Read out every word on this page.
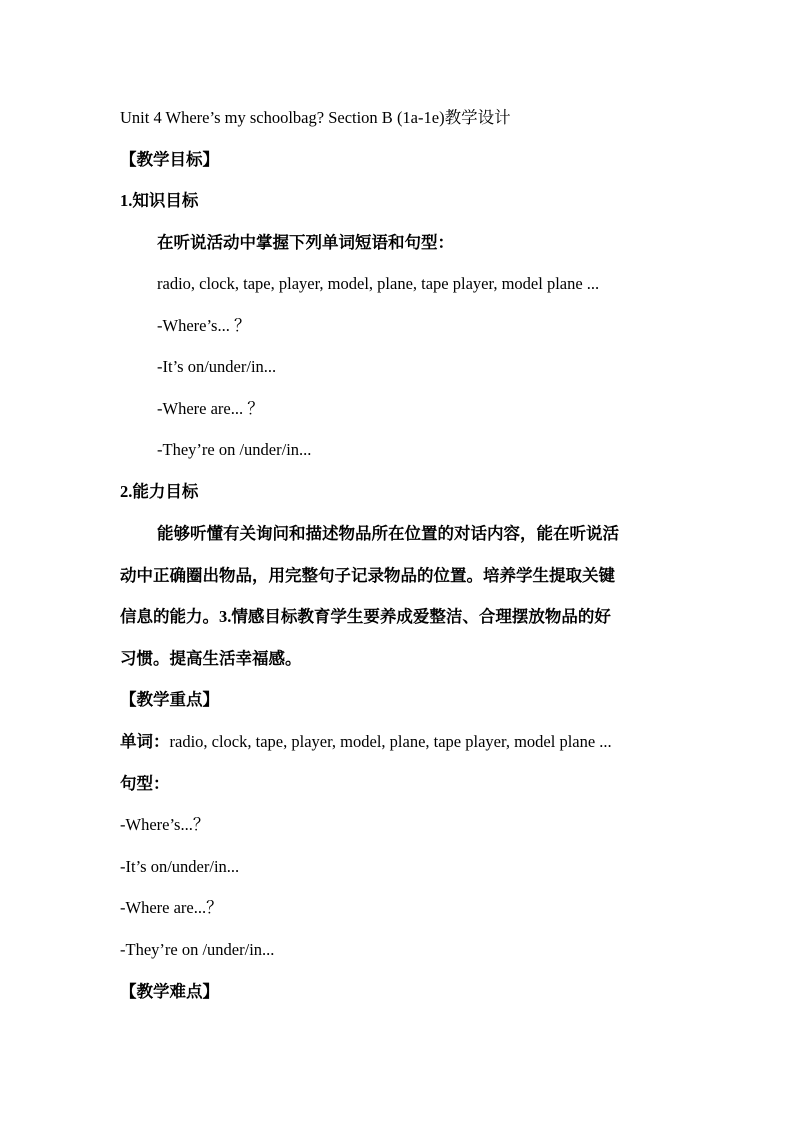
Unit 4 Where’s my schoolbag? Section B (1a-1e)教学设计
【教学目标】
1.知识目标
在听说活动中掌握下列单词短语和句型：
radio, clock, tape, player, model, plane, tape player, model plane ...
-Where’s... ？
-It’s on/under/in...
-Where are... ？
-They’re on /under/in...
2.能力目标
能够听懂有关询问和描述物品所在位置的对话内容，能在听说活
动中正确圈出物品，用完整句子记录物品的位置。培养学生提取关键
信息的能力。3.情感目标教育学生要养成爱整洁、合理摆放物品的好
习惯。提高生活幸福感。
【教学重点】
单词：radio, clock, tape, player, model, plane, tape player, model plane ...
句型：
-Where’s...？
-It’s on/under/in...
-Where are...？
-They’re on /under/in...
【教学难点】
